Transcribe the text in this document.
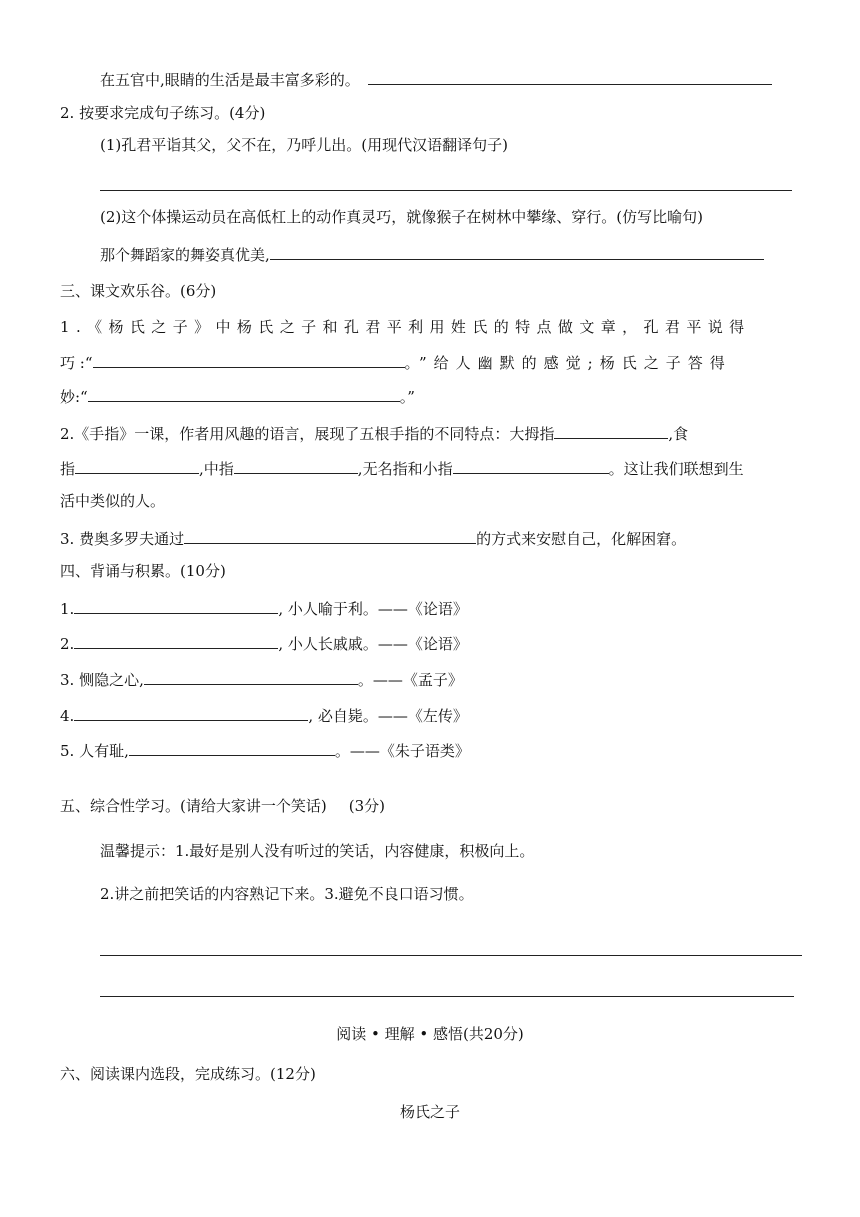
在五官中,眼睛的生活是最丰富多彩的。
2. 按要求完成句子练习。(4分)
(1)孔君平诣其父，父不在，乃呼儿出。(用现代汉语翻译句子)
(2)这个体操运动员在高低杠上的动作真灵巧，就像猴子在树林中攀缘、穿行。(仿写比喻句)
那个舞蹈家的舞姿真优美,
三、课文欢乐谷。(6分)
1.《杨氏之子》中杨氏之子和孔君平利用姓氏的特点做文章，孔君平说得
巧 :“	。”给人幽默的感觉;杨氏之子答得
妙:“	。”
2.《手指》一课，作者用风趣的语言，展现了五根手指的不同特点：大拇指	,食
指	,中指	,无名指和小指	。这让我们联想到生
活中类似的人。
3. 费奥多罗夫通过	的方式来安慰自己，化解困窘。
四、背诵与积累。(10分)
1.	, 小人喻于利。——《论语》
2.	, 小人长戚戚。——《论语》
3. 恻隐之心,	。——《孟子》
4.	, 必自毙。——《左传》
5. 人有耻,	。——《朱子语类》
五、综合性学习。(请给大家讲一个笑话) (3分)
温馨提示：1.最好是别人没有听过的笑话，内容健康，积极向上。
2.讲之前把笑话的内容熟记下来。3.避免不良口语习惯。
阅读 • 理解 • 感悟(共20分)
六、阅读课内选段，完成练习。(12分)
杨氏之子
